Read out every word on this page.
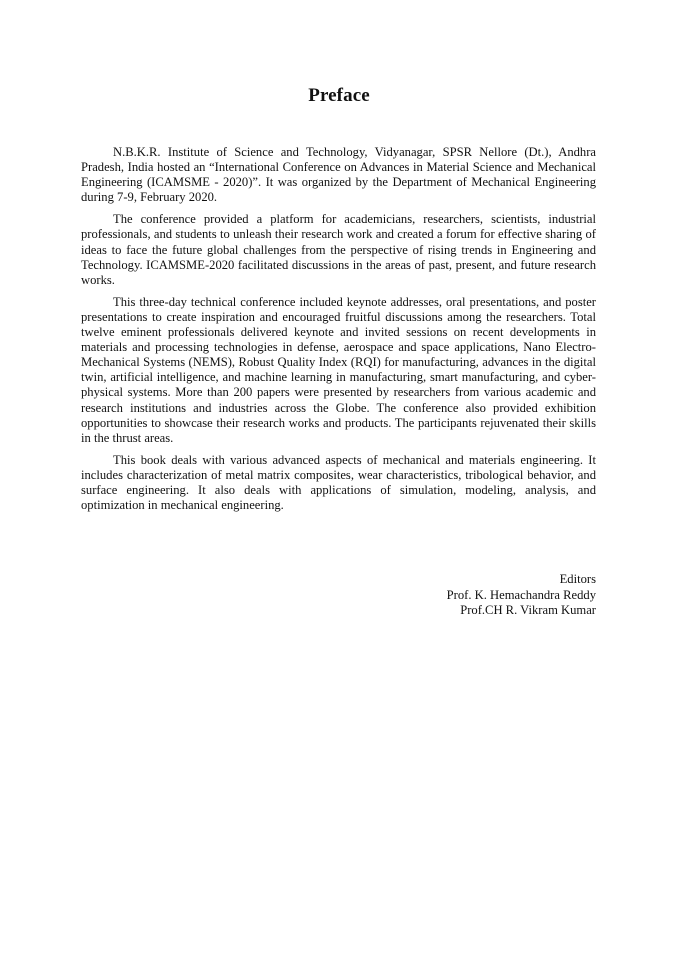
Preface

N.B.K.R. Institute of Science and Technology, Vidyanagar, SPSR Nellore (Dt.), Andhra Pradesh, India hosted an “International Conference on Advances in Material Science and Mechanical Engineering (ICAMSME - 2020)”. It was organized by the Department of Mechanical Engineering during 7-9, February 2020.

The conference provided a platform for academicians, researchers, scientists, industrial professionals, and students to unleash their research work and created a forum for effective sharing of ideas to face the future global challenges from the perspective of rising trends in Engineering and Technology. ICAMSME-2020 facilitated discussions in the areas of past, present, and future research works.

This three-day technical conference included keynote addresses, oral presentations, and poster presentations to create inspiration and encouraged fruitful discussions among the researchers. Total twelve eminent professionals delivered keynote and invited sessions on recent developments in materials and processing technologies in defense, aerospace and space applications, Nano Electro-Mechanical Systems (NEMS), Robust Quality Index (RQI) for manufacturing, advances in the digital twin, artificial intelligence, and machine learning in manufacturing, smart manufacturing, and cyber-physical systems. More than 200 papers were presented by researchers from various academic and research institutions and industries across the Globe. The conference also provided exhibition opportunities to showcase their research works and products. The participants rejuvenated their skills in the thrust areas.

This book deals with various advanced aspects of mechanical and materials engineering. It includes characterization of metal matrix composites, wear characteristics, tribological behavior, and surface engineering. It also deals with applications of simulation, modeling, analysis, and optimization in mechanical engineering.

Editors
Prof. K. Hemachandra Reddy
Prof.CH R. Vikram Kumar
